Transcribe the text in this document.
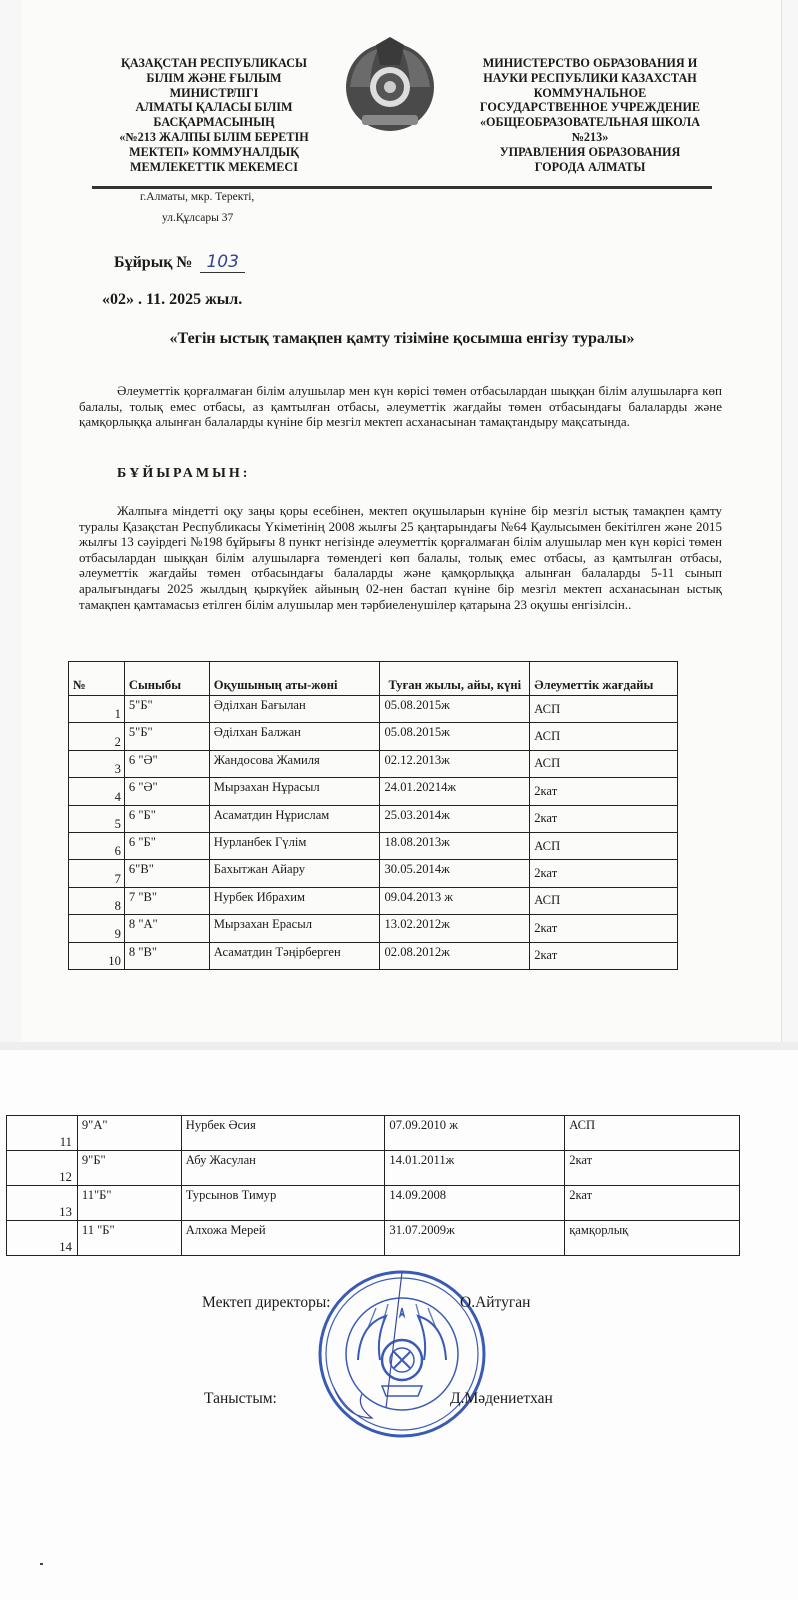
ҚАЗАҚСТАН РЕСПУБЛИКАСЫ
БІЛІМ ЖӘНЕ ҒЫЛЫМ
МИНИСТРЛІГІ
АЛМАТЫ ҚАЛАСЫ БІЛІМ
БАСҚАРМАСЫНЫҢ
«№213 ЖАЛПЫ БІЛІМ БЕРЕТІН
МЕКТЕП» КОММУНАЛДЫҚ
МЕМЛЕКЕТТІК МЕКЕМЕСІ
МИНИСТЕРСТВО ОБРАЗОВАНИЯ И
НАУКИ РЕСПУБЛИКИ КАЗАХСТАН
КОММУНАЛЬНОЕ
ГОСУДАРСТВЕННОЕ УЧРЕЖДЕНИЕ
«ОБЩЕОБРАЗОВАТЕЛЬНАЯ ШКОЛА
№213»
УПРАВЛЕНИЯ ОБРАЗОВАНИЯ
ГОРОДА АЛМАТЫ
г.Алматы, мкр. Теректі,
ул.Құлсары 37
Бұйрық № 103
«02» . 11. 2025 жыл.
«Тегін ыстық тамақпен қамту тізіміне қосымша енгізу туралы»
Әлеуметтік қорғалмаған білім алушылар мен күн көрісі төмен отбасылардан шыққан білім алушыларға көп балалы, толық емес отбасы, аз қамтылған отбасы, әлеуметтік жағдайы төмен отбасындағы балаларды және қамқорлыққа алынған балаларды күніне бір мезгіл мектеп асханасынан тамақтандыру мақсатында.
БҰЙЫРАМЫН:
Жалпыға міндетті оқу заңы қоры есебінен, мектеп оқушыларын күніне бір мезгіл ыстық тамақпен қамту туралы Қазақстан Республикасы Үкіметінің 2008 жылғы 25 қаңтарындағы №64 Қаулысымен бекітілген және 2015 жылғы 13 сәуірдегі №198 бұйрығы 8 пункт негізінде әлеуметтік қорғалмаған білім алушылар мен күн көрісі төмен отбасылардан шыққан білім алушыларға төмендегі көп балалы, толық емес отбасы, аз қамтылған отбасы, әлеуметтік жағдайы төмен отбасындағы балаларды және қамқорлыққа алынған балаларды 5-11 сынып аралығындағы 2025 жылдың қыркүйек айының 02-нен бастап күніне бір мезгіл мектеп асханасынан ыстық тамақпен қамтамасыз етілген білім алушылар мен тәрбиеленушілер қатарына 23 оқушы енгізілсін..
№	Сыныбы	Оқушының аты-жөні	Туған жылы, айы, күні	Әлеуметтік жағдайы
1	5"Б"	Әділхан Бағылан	05.08.2015ж	АСП
2	5"Б"	Әділхан Балжан	05.08.2015ж	АСП
3	6 "Ә"	Жандосова Жамиля	02.12.2013ж	АСП
4	6 "Ә"	Мырзахан Нұрасыл	24.01.20214ж	2кат
5	6 "Б"	Асаматдин Нұрислам	25.03.2014ж	2кат
6	6 "Б"	Нурланбек Гүлім	18.08.2013ж	АСП
7	6"В"	Бахытжан Айару	30.05.2014ж	2кат
8	7 "В"	Нурбек Ибрахим	09.04.2013 ж	АСП
9	8 "А"	Мырзахан Ерасыл	13.02.2012ж	2кат
10	8 "В"	Асаматдин Тәңірберген	02.08.2012ж	2кат
11	9"А"	Нурбек Әсия	07.09.2010 ж	АСП
12	9"Б"	Абу Жасулан	14.01.2011ж	2кат
13	11"Б"	Турсынов Тимур	14.09.2008	2кат
14	11 "Б"	Алхожа Мерей	31.07.2009ж	қамқорлық
Мектеп директоры:	О.Айтуган
Таныстым:	Д.Мәдениетхан
